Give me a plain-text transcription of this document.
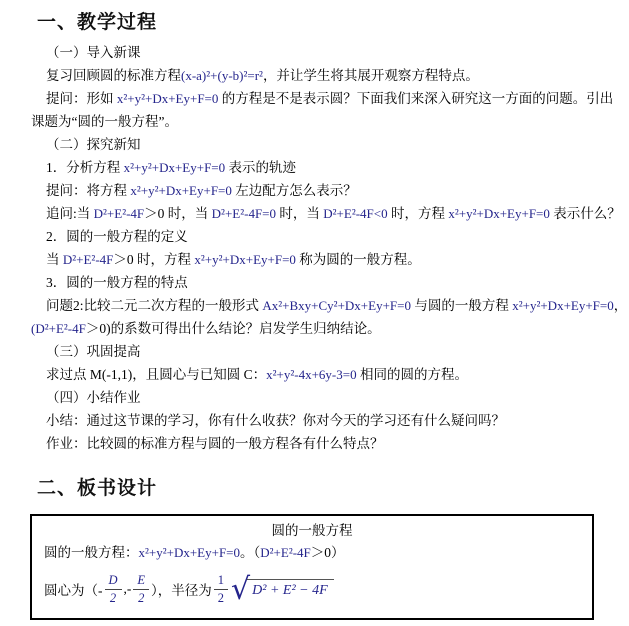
一、教学过程

（一）导入新课

复习回顾圆的标准方程(x-a)²+(y-b)²=r²，并让学生将其展开观察方程特点。

提问：形如 x²+y²+Dx+Ey+F=0 的方程是不是表示圆？下面我们来深入研究这一方面的问题。引出

课题为“圆的一般方程”。

（二）探究新知

1．分析方程 x²+y²+Dx+Ey+F=0 表示的轨迹

提问：将方程 x²+y²+Dx+Ey+F=0 左边配方怎么表示？

追问:当 D²+E²-4F＞0 时，当 D²+E²-4F=0 时，当 D²+E²-4F<0 时，方程 x²+y²+Dx+Ey+F=0 表示什么？

2．圆的一般方程的定义

当 D²+E²-4F＞0 时，方程 x²+y²+Dx+Ey+F=0 称为圆的一般方程。

3．圆的一般方程的特点

问题2:比较二元二次方程的一般形式 Ax²+Bxy+Cy²+Dx+Ey+F=0 与圆的一般方程 x²+y²+Dx+Ey+F=0，

(D²+E²-4F＞0)的系数可得出什么结论？启发学生归纳结论。

（三）巩固提高

求过点 M(-1,1)，且圆心与已知圆 C：x²+y²-4x+6y-3=0 相同的圆的方程。

（四）小结作业

小结：通过这节课的学习，你有什么收获？你对今天的学习还有什么疑问吗？

作业：比较圆的标准方程与圆的一般方程各有什么特点？

二、板书设计
圆的一般方程
圆的一般方程：x²+y²+Dx+Ey+F=0。（D²+E²-4F＞0）
圆心为（- $\frac{D}{2}$ ,- $\frac{E}{2}$ ），半径为 $\frac{1}{2}$ √ D² + E² − 4F
